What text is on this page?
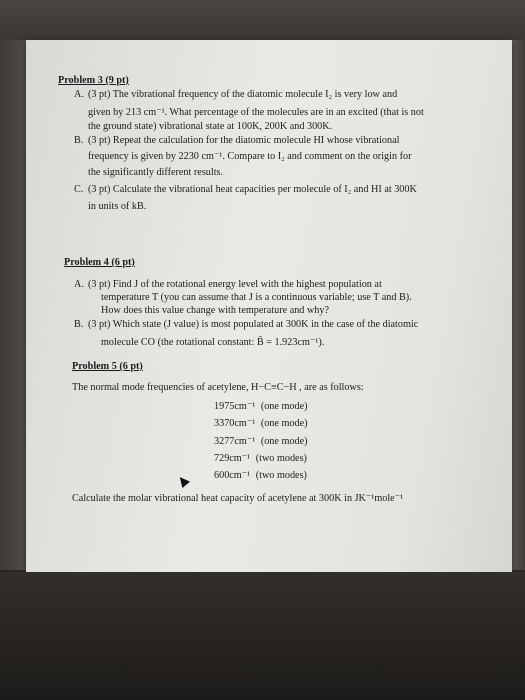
Problem 3 (9 pt)
A. (3 pt) The vibrational frequency of the diatomic molecule I₂ is very low and
given by 213 cm⁻¹. What percentage of the molecules are in an excited (that is not
the ground state) vibrational state at 100K, 200K and 300K.
B. (3 pt) Repeat the calculation for the diatomic molecule HI whose vibrational
frequency is given by 2230 cm⁻¹. Compare to I₂ and comment on the origin for
the significantly different results.
C. (3 pt) Calculate the vibrational heat capacities per molecule of I₂ and HI at 300K
in units of kB.
Problem 4 (6 pt)
A. (3 pt) Find J of the rotational energy level with the highest population at
temperature T (you can assume that J is a continuous variable; use T and B).
How does this value change with temperature and why?
B. (3 pt) Which state (J value) is most populated at 300K in the case of the diatomic
molecule CO (the rotational constant: B̃ = 1.923cm⁻¹).
Problem 5 (6 pt)
The normal mode frequencies of acetylene, H−C≡C−H , are as follows:
1975cm⁻¹ (one mode)
3370cm⁻¹ (one mode)
3277cm⁻¹ (one mode)
729cm⁻¹ (two modes)
600cm⁻¹ (two modes)
Calculate the molar vibrational heat capacity of acetylene at 300K in JK⁻¹mole⁻¹
